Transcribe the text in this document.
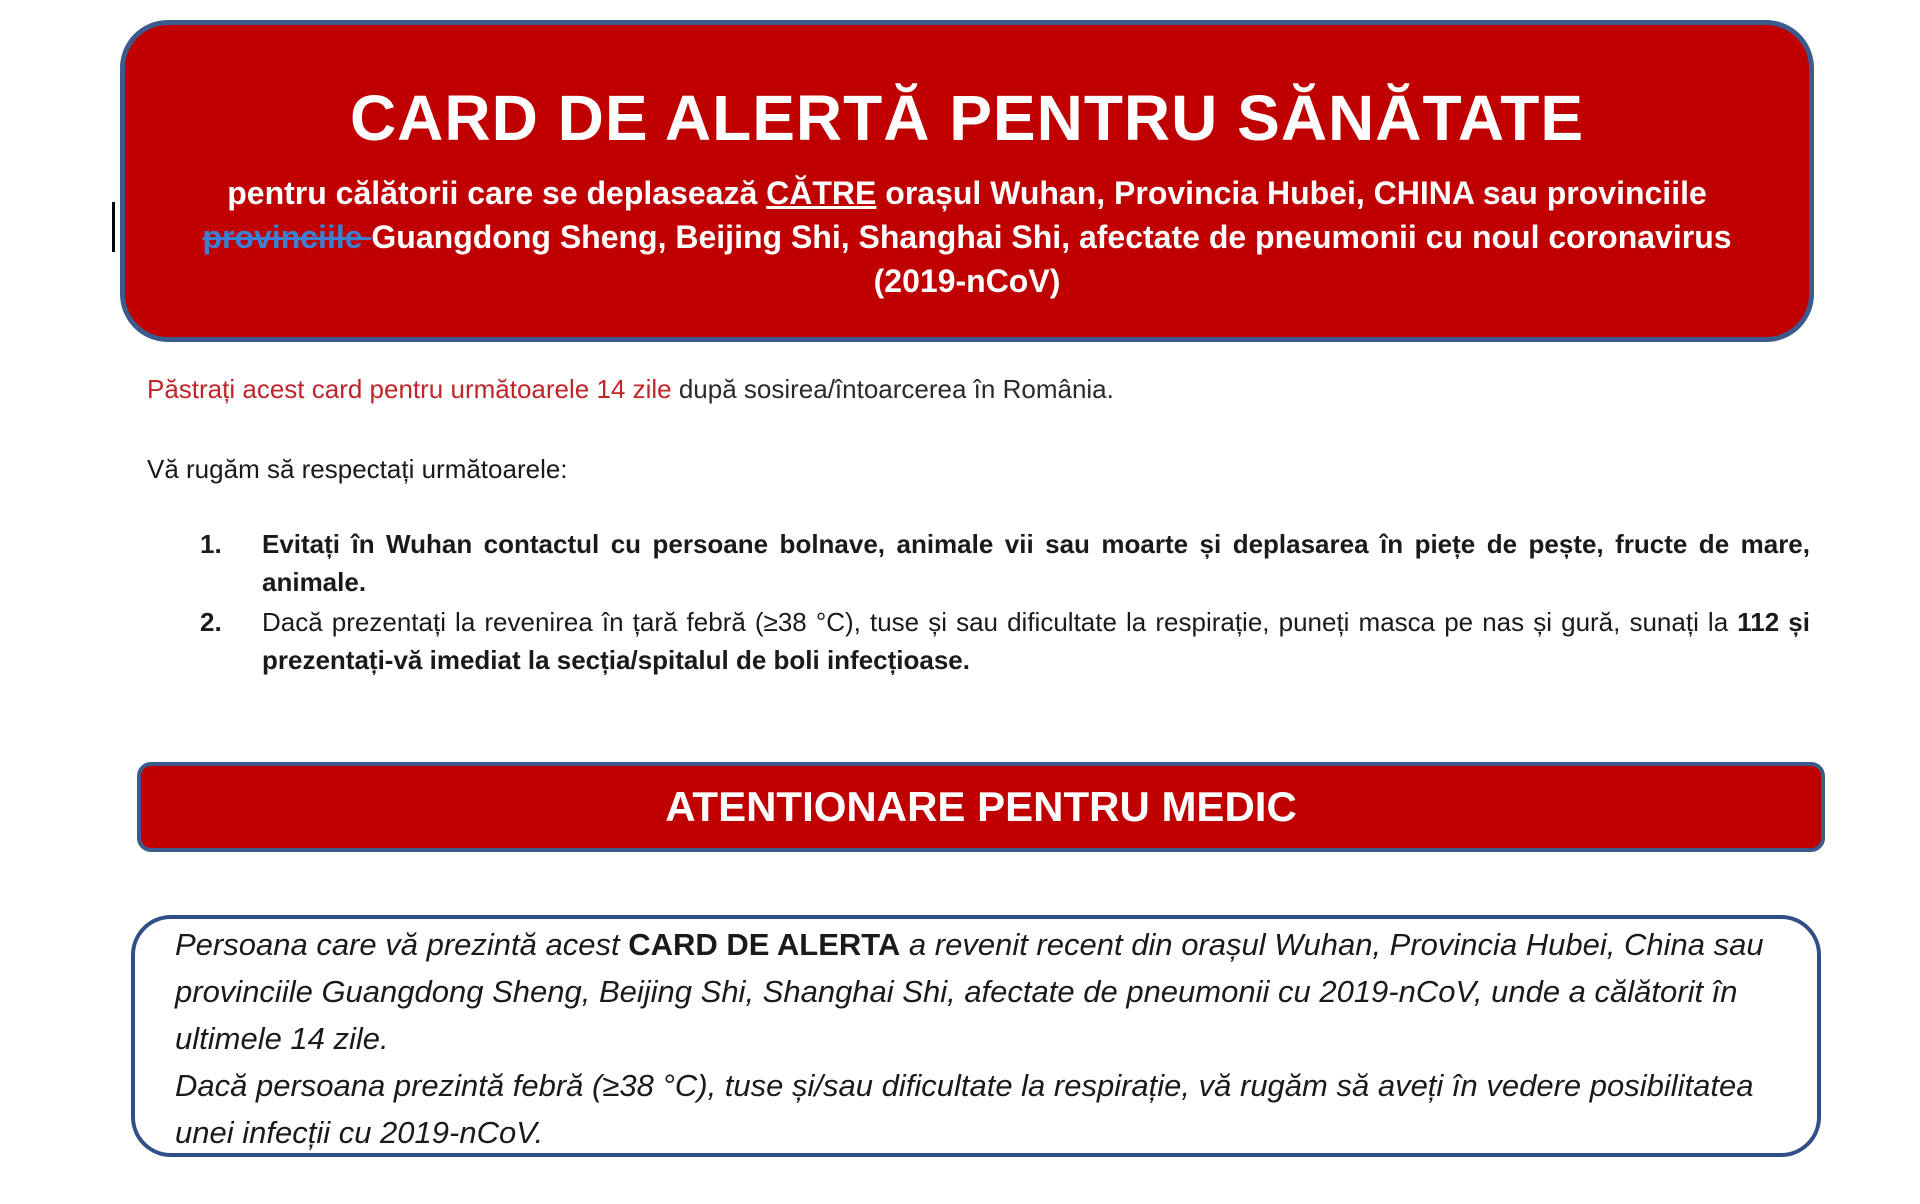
CARD DE ALERTĂ PENTRU SĂNĂTATE
pentru călătorii care se deplasează CĂTRE orașul Wuhan, Provincia Hubei, CHINA sau provinciile provinciile Guangdong Sheng, Beijing Shi, Shanghai Shi, afectate de pneumonii cu noul coronavirus (2019-nCoV)
Păstrați acest card pentru următoarele 14 zile după sosirea/întoarcerea în România.
Vă rugăm să respectați următoarele:
1.	Evitați în Wuhan contactul cu persoane bolnave, animale vii sau moarte și deplasarea în piețe de pește, fructe de mare, animale.
2.	Dacă prezentați la revenirea în țară febră (≥38 °C), tuse și sau dificultate la respirație, puneți masca pe nas și gură, sunați la 112 și prezentați-vă imediat la secția/spitalul de boli infecțioase.
ATENTIONARE PENTRU MEDIC
Persoana care vă prezintă acest CARD DE ALERTA a revenit recent din orașul Wuhan, Provincia Hubei, China sau provinciile Guangdong Sheng, Beijing Shi, Shanghai Shi, afectate de pneumonii cu 2019-nCoV, unde a călătorit în ultimele 14 zile.
Dacă persoana prezintă febră (≥38 °C), tuse și/sau dificultate la respirație, vă rugăm să aveți în vedere posibilitatea unei infecții cu 2019-nCoV.
